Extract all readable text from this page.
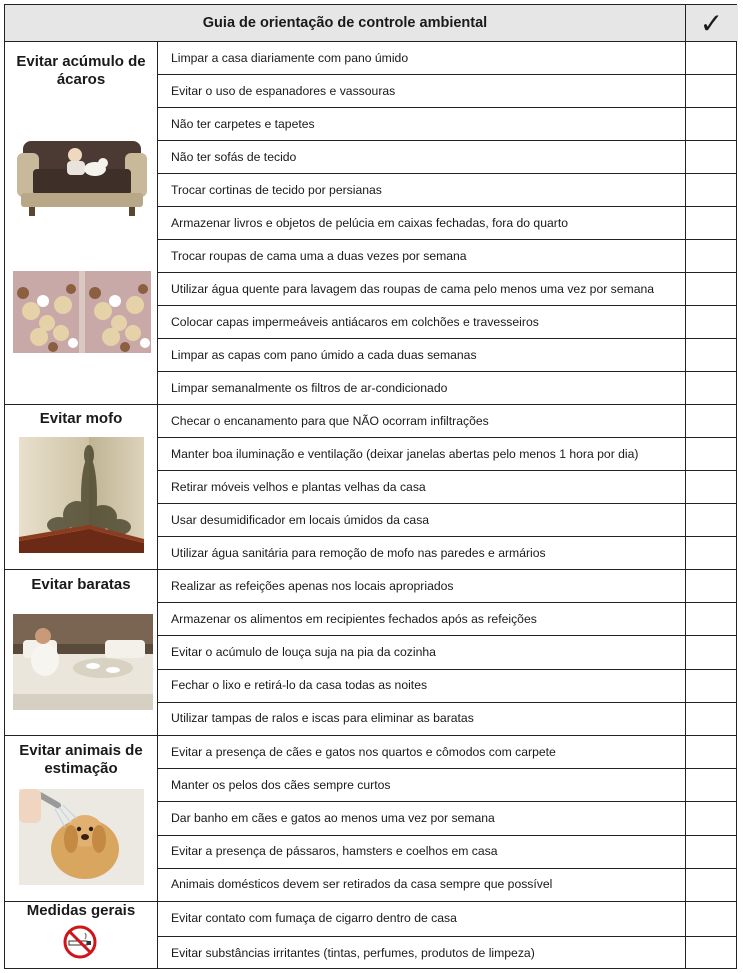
Guia de orientação de controle ambiental	✓
Evitar acúmulo de ácaros
Evitar mofo
Evitar baratas
Evitar animais de estimação
Medidas gerais
Limpar a casa diariamente com pano úmido
Evitar o uso de espanadores e vassouras
Não ter carpetes e tapetes
Não ter sofás de tecido
Trocar cortinas de tecido por persianas
Armazenar livros e objetos de pelúcia em caixas fechadas, fora do quarto
Trocar roupas de cama uma a duas vezes por semana
Utilizar água quente para lavagem das roupas de cama pelo menos uma vez por semana
Colocar capas impermeáveis antiácaros em colchões e travesseiros
Limpar as capas com pano úmido a cada duas semanas
Limpar semanalmente os filtros de ar-condicionado
Checar o encanamento para que NÃO ocorram infiltrações
Manter boa iluminação e ventilação (deixar janelas abertas pelo menos 1 hora por dia)
Retirar móveis velhos e plantas velhas da casa
Usar desumidificador em locais úmidos da casa
Utilizar água sanitária para remoção de mofo nas paredes e armários
Realizar as refeições apenas nos locais apropriados
Armazenar os alimentos em recipientes fechados após as refeições
Evitar o acúmulo de louça suja na pia da cozinha
Fechar o lixo e retirá-lo da casa todas as noites
Utilizar tampas de ralos e iscas para eliminar as baratas
Evitar a presença de cães e gatos nos quartos e cômodos com carpete
Manter os pelos dos cães sempre curtos
Dar banho em cães e gatos ao menos uma vez por semana
Evitar a presença de pássaros, hamsters e coelhos em casa
Animais domésticos devem ser retirados da casa sempre que possível
Evitar contato com fumaça de cigarro dentro de casa
Evitar substâncias irritantes (tintas, perfumes, produtos de limpeza)
